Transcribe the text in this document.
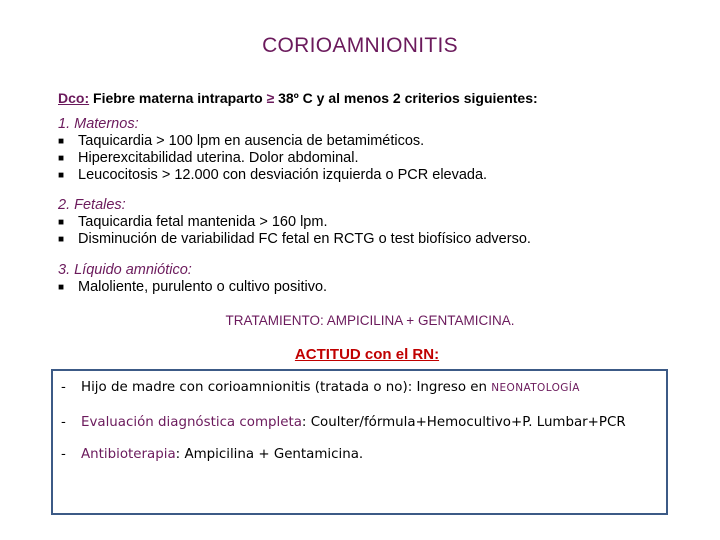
CORIOAMNIONITIS
Dco: Fiebre materna intraparto ≥ 38º C y al menos 2 criterios siguientes:
1. Maternos:
■ Taquicardia > 100 lpm en ausencia de betamiméticos.
■ Hiperexcitabilidad uterina. Dolor abdominal.
■ Leucocitosis > 12.000 con desviación izquierda o PCR elevada.
2. Fetales:
■ Taquicardia fetal mantenida > 160 lpm.
■ Disminución de variabilidad FC fetal en RCTG o test biofísico adverso.
3. Líquido amniótico:
■ Maloliente, purulento o cultivo positivo.
TRATAMIENTO: AMPICILINA + GENTAMICINA.
ACTITUD con el RN:
- Hijo de madre con corioamnionitis (tratada o no): Ingreso en NEONATOLOGÍA
- Evaluación diagnóstica completa: Coulter/fórmula+Hemocultivo+P. Lumbar+PCR
- Antibioterapia: Ampicilina + Gentamicina.
